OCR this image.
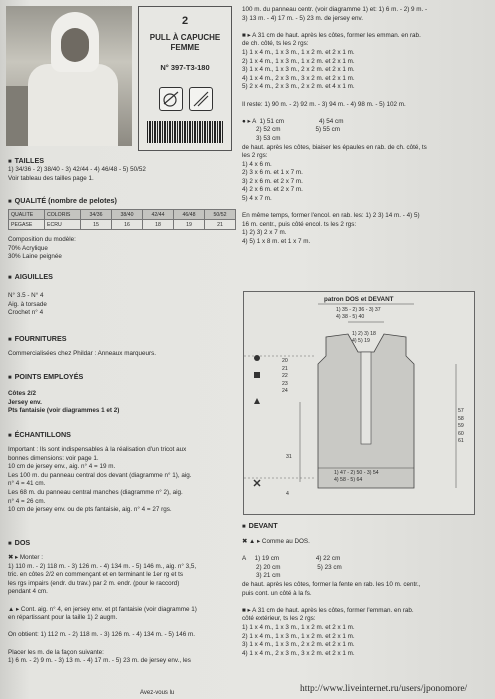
2
PULL À CAPUCHE FEMME
N° 397-T3-180
■ TAILLES
1) 34/36 - 2) 38/40 - 3) 42/44 - 4) 46/48 - 5) 50/52
Voir tableau des tailles page 1.
■ QUALITÉ (nombre de pelotes)
QUALITE	COLORIS	34/36	38/40	42/44	46/48	50/52
PEGASE	ECRU	15	16	18	19	21
Composition du modèle:
70% Acrylique
30% Laine peignée
■ AIGUILLES
N° 3.5 - N° 4
Aig. à torsade
Crochet n° 4
■ FOURNITURES
Commercialisées chez Phildar : Anneaux marqueurs.
■ POINTS EMPLOYÉS
Côtes 2/2
Jersey env.
Pts fantaisie (voir diagrammes 1 et 2)
■ ÉCHANTILLONS
Important : Ils sont indispensables à la réalisation d'un tricot aux
bonnes dimensions: voir page 1.
10 cm de jersey env., aig. n° 4 = 19 m.
Les 100 m. du panneau central dos devant (diagramme n° 1), aig.
n° 4 = 41 cm.
Les 68 m. du panneau central manches (diagramme n° 2), aig.
n° 4 = 26 cm.
10 cm de jersey env. ou de pts fantaisie, aig. n° 4 = 27 rgs.
■ DOS
✖ ▸ Monter :
1) 110 m. - 2) 118 m. - 3) 126 m. - 4) 134 m. - 5) 146 m., aig. n° 3,5,
tric. en côtes 2/2 en commençant et en terminant le 1er rg et ts
les rgs impairs (endr. du trav.) par 2 m. endr. (pour le raccord)
pendant 4 cm.

▲ ▸ Cont. aig. n° 4, en jersey env. et pt fantaisie (voir diagramme 1)
en répartissant pour la taille 1) 2 augm.

On obtient: 1) 112 m. - 2) 118 m. - 3) 126 m. - 4) 134 m. - 5) 146 m.

Placer les m. de la façon suivante:
1) 6 m. - 2) 9 m. - 3) 13 m. - 4) 17 m. - 5) 23 m. de jersey env., les
100 m. du panneau centr. (voir diagramme 1) et: 1) 6 m. - 2) 9 m. -
3) 13 m. - 4) 17 m. - 5) 23 m. de jersey env.

■ ▸ A 31 cm de haut. après les côtes, former les emman. en rab.
de ch. côté, ts les 2 rgs:
1) 1 x 4 m., 1 x 3 m., 1 x 2 m. et 2 x 1 m.
2) 1 x 4 m., 1 x 3 m., 1 x 2 m. et 2 x 1 m.
3) 1 x 4 m., 1 x 3 m., 2 x 2 m. et 2 x 1 m.
4) 1 x 4 m., 2 x 3 m., 3 x 2 m. et 2 x 1 m.
5) 2 x 4 m., 2 x 3 m., 2 x 2 m. et 4 x 1 m.

Il reste: 1) 90 m. - 2) 92 m. - 3) 94 m. - 4) 98 m. - 5) 102 m.

● ▸ A  1) 51 cm                    4) 54 cm
2) 52 cm                    5) 55 cm
3) 53 cm
de haut. après les côtes, biaiser les épaules en rab. de ch. côté, ts
les 2 rgs:
1) 4 x 6 m.
2) 3 x 6 m. et 1 x 7 m.
3) 2 x 6 m. et 2 x 7 m.
4) 2 x 6 m. et 2 x 7 m.
5) 4 x 7 m.

En même temps, former l'encol. en rab. les: 1) 2 3) 14 m. - 4) 5)
16 m. centr., puis côté encol. ts les 2 rgs:
1) 2) 3) 2 x 7 m.
4) 5) 1 x 8 m. et 1 x 7 m.
patron DOS et DEVANT
1) 35 - 2) 36 - 3) 37
4) 38 - 5) 40
1) 2) 3) 18
4) 5) 19
20
21
22
23
24
31
4
57
58
59
60
61
1) 47 - 2) 50 - 3) 54
4) 58 - 5) 64
■ DEVANT
✖ ▲ ▸ Comme au DOS.

A     1) 19 cm                     4) 22 cm
2) 20 cm                     5) 23 cm
3) 21 cm
de haut. après les côtes, former la fente en rab. les 10 m. centr.,
puis cont. un côté à la fs.

■ ▸ A 31 cm de haut. après les côtes, former l'emman. en rab.
côté extérieur, ts les 2 rgs:
1) 1 x 4 m., 1 x 3 m., 1 x 2 m. et 2 x 1 m.
2) 1 x 4 m., 1 x 3 m., 1 x 2 m. et 2 x 1 m.
3) 1 x 4 m., 1 x 3 m., 2 x 2 m. et 2 x 1 m.
4) 1 x 4 m., 2 x 3 m., 3 x 2 m. et 2 x 1 m.
Avez-vous lu	http://www.liveinternet.ru/users/jponomore/
